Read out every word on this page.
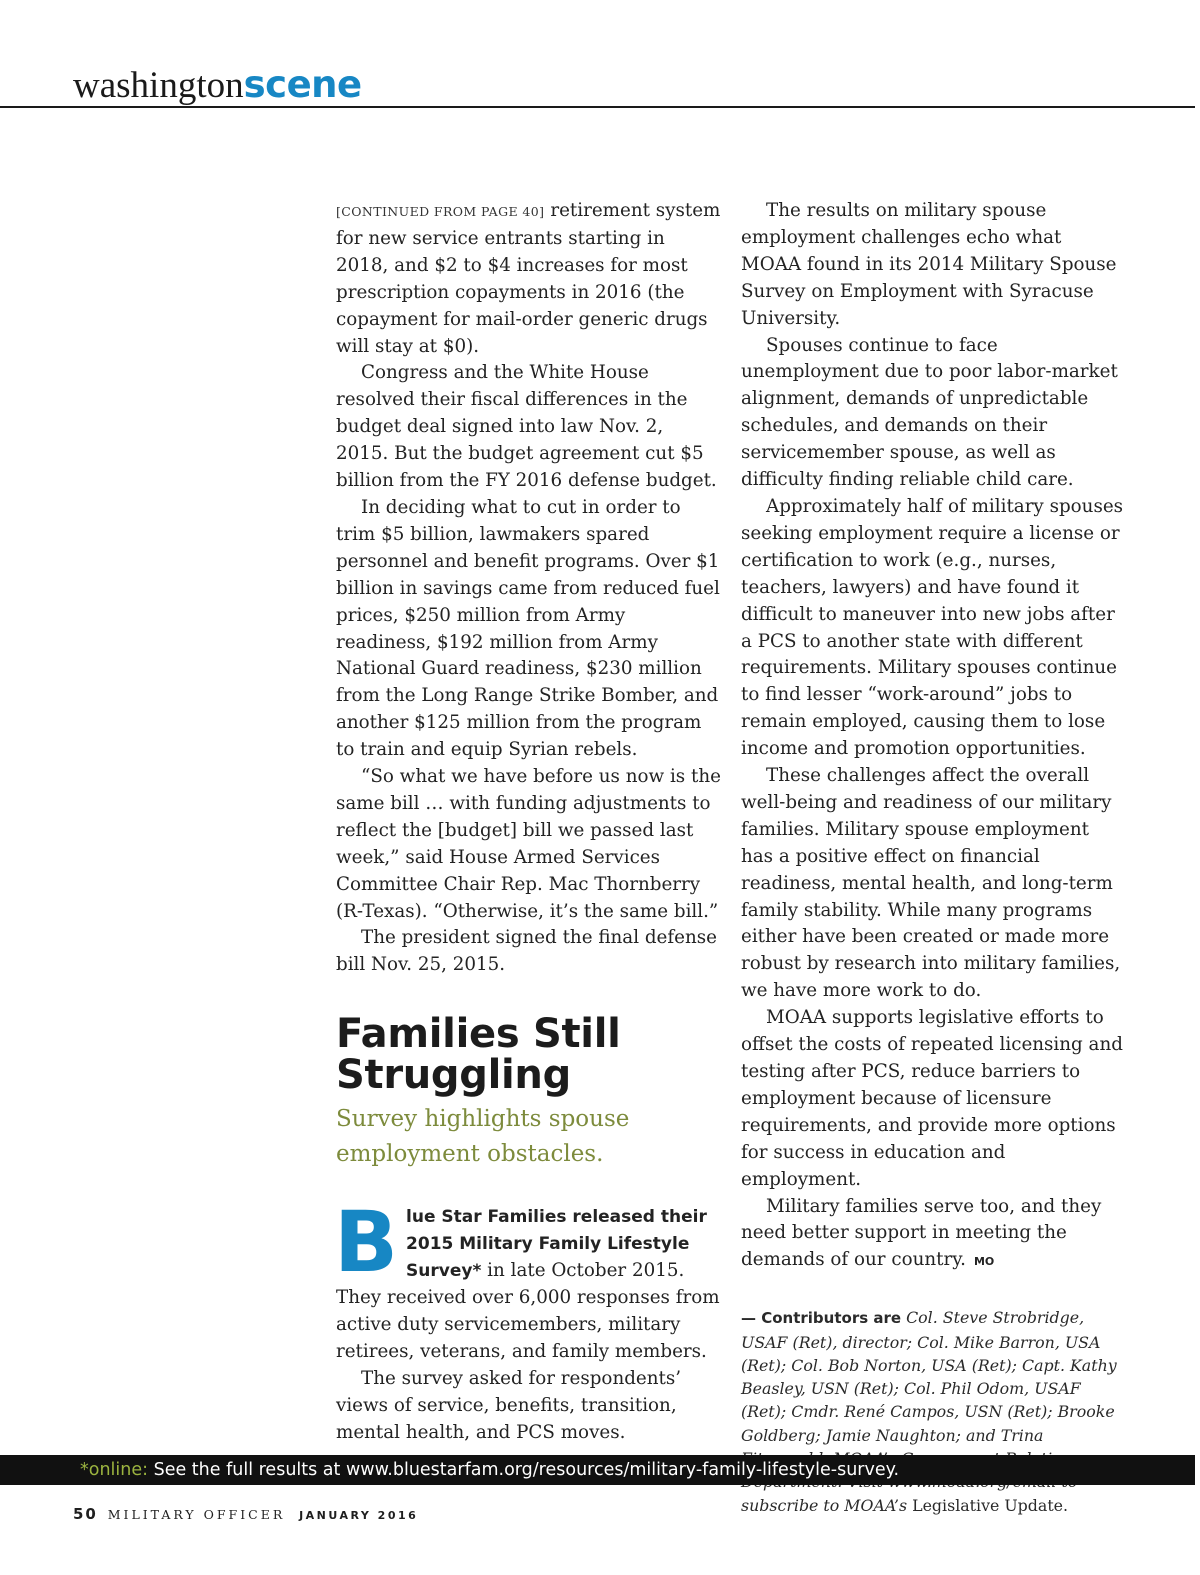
washingtonscene

[CONTINUED FROM PAGE 40] retirement system for new service entrants starting in 2018, and $2 to $4 increases for most prescription copayments in 2016 (the copayment for mail-order generic drugs will stay at $0).

Congress and the White House resolved their fiscal differences in the budget deal signed into law Nov. 2, 2015. But the budget agreement cut $5 billion from the FY 2016 defense budget.

In deciding what to cut in order to trim $5 billion, lawmakers spared personnel and benefit programs. Over $1 billion in savings came from reduced fuel prices, $250 million from Army readiness, $192 million from Army National Guard readiness, $230 million from the Long Range Strike Bomber, and another $125 million from the program to train and equip Syrian rebels.

“So what we have before us now is the same bill … with funding adjustments to reflect the [budget] bill we passed last week,” said House Armed Services Committee Chair Rep. Mac Thornberry (R-Texas). “Otherwise, it’s the same bill.”

The president signed the final defense bill Nov. 25, 2015.

Families Still Struggling
Survey highlights spouse employment obstacles.
B lue Star Families released their 2015 Military Family Lifestyle Survey* in late October 2015. They received over 6,000 responses from active duty servicemembers, military retirees, veterans, and family members.

The survey asked for respondents’ views of service, benefits, transition, mental health, and PCS moves.

The results on military spouse employment challenges echo what MOAA found in its 2014 Military Spouse Survey on Employment with Syracuse University.

Spouses continue to face unemployment due to poor labor-market alignment, demands of unpredictable schedules, and demands on their servicemember spouse, as well as difficulty finding reliable child care.

Approximately half of military spouses seeking employment require a license or certification to work (e.g., nurses, teachers, lawyers) and have found it difficult to maneuver into new jobs after a PCS to another state with different requirements. Military spouses continue to find lesser “work-around” jobs to remain employed, causing them to lose income and promotion opportunities.

These challenges affect the overall well-being and readiness of our military families. Military spouse employment has a positive effect on financial readiness, mental health, and long-term family stability. While many programs either have been created or made more robust by research into military families, we have more work to do.

MOAA supports legislative efforts to offset the costs of repeated licensing and testing after PCS, reduce barriers to employment because of licensure requirements, and provide more options for success in education and employment.

Military families serve too, and they need better support in meeting the demands of our country. MO

— Contributors are Col. Steve Strobridge, USAF (Ret), director; Col. Mike Barron, USA (Ret); Col. Bob Norton, USA (Ret); Capt. Kathy Beasley, USN (Ret); Col. Phil Odom, USAF (Ret); Cmdr. René Campos, USN (Ret); Brooke Goldberg; Jamie Naughton; and Trina subscribe to MOAA’s Legislative Update.
*online: See the full results at www.bluestarfam.org/resources/military-family-lifestyle-survey.
50 MILITARY OFFICER JANUARY 2016
